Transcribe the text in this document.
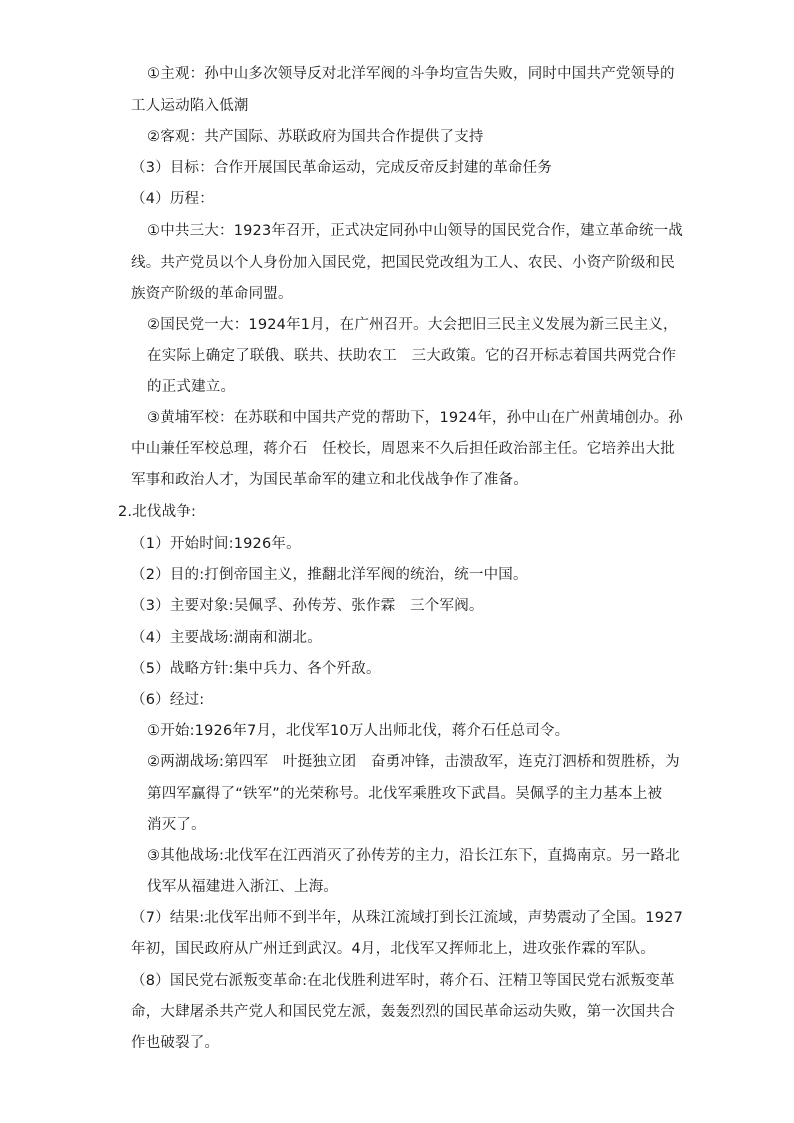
①主观：孙中山多次领导反对北洋军阀的斗争均宣告失败，同时中国共产党领导的
工人运动陷入低潮
②客观：共产国际、苏联政府为国共合作提供了支持
（3）目标：合作开展国民革命运动，完成反帝反封建的革命任务
（4）历程：
①中共三大：1923年召开，正式决定同孙中山领导的国民党合作，建立革命统一战
线。共产党员以个人身份加入国民党，把国民党改组为工人、农民、小资产阶级和民
族资产阶级的革命同盟。
②国民党一大：1924年1月，在广州召开。大会把旧三民主义发展为新三民主义，
在实际上确定了联俄、联共、扶助农工　三大政策。它的召开标志着国共两党合作
的正式建立。
③黄埔军校：在苏联和中国共产党的帮助下，1924年，孙中山在广州黄埔创办。孙
中山兼任军校总理，蒋介石　任校长，周恩来不久后担任政治部主任。它培养出大批
军事和政治人才，为国民革命军的建立和北伐战争作了准备。
2.北伐战争:
（1）开始时间:1926年。
（2）目的:打倒帝国主义，推翻北洋军阀的统治，统一中国。
（3）主要对象:吴佩孚、孙传芳、张作霖　三个军阀。
（4）主要战场:湖南和湖北。
（5）战略方针:集中兵力、各个歼敌。
（6）经过:
①开始:1926年7月，北伐军10万人出师北伐，蒋介石任总司令。
②两湖战场:第四军　叶挺独立团　奋勇冲锋，击溃敌军，连克汀泗桥和贺胜桥，为
第四军赢得了“铁军”的光荣称号。北伐军乘胜攻下武昌。吴佩孚的主力基本上被
消灭了。
③其他战场:北伐军在江西消灭了孙传芳的主力，沿长江东下，直捣南京。另一路北
伐军从福建进入浙江、上海。
（7）结果:北伐军出师不到半年，从珠江流域打到长江流域，声势震动了全国。1927
年初，国民政府从广州迁到武汉。4月，北伐军又挥师北上，进攻张作霖的军队。
（8）国民党右派叛变革命:在北伐胜利进军时，蒋介石、汪精卫等国民党右派叛变革
命，大肆屠杀共产党人和国民党左派，轰轰烈烈的国民革命运动失败，第一次国共合
作也破裂了。
